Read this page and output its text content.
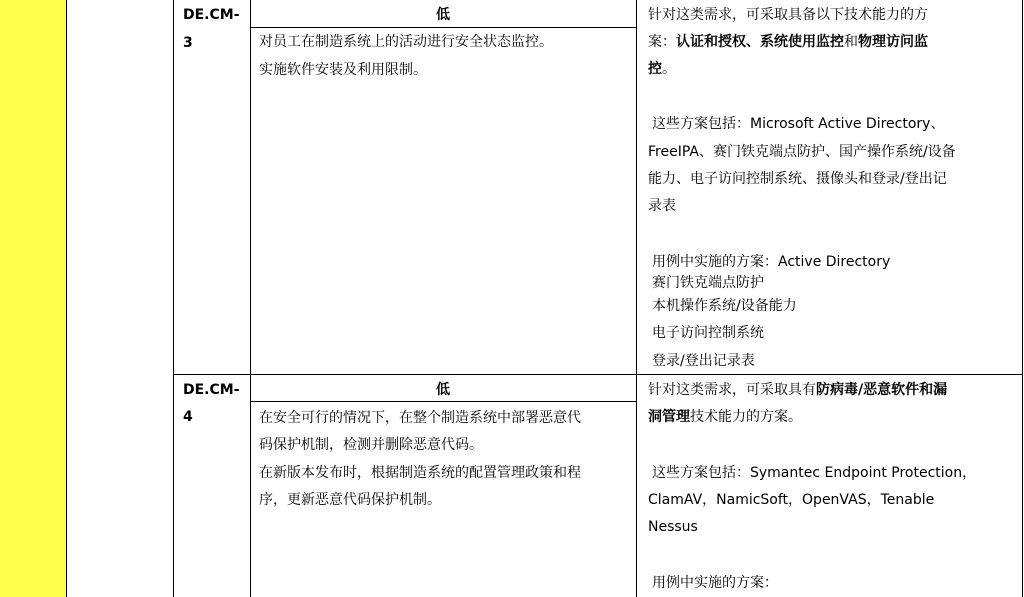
DE.CM-
3
低
对员工在制造系统上的活动进行安全状态监控。
实施软件安装及利用限制。
针对这类需求，可采取具备以下技术能力的方
案：认证和授权、系统使用监控和物理访问监
控。
这些方案包括：Microsoft Active Directory、
FreeIPA、赛门铁克端点防护、国产操作系统/设备
能力、电子访问控制系统、摄像头和登录/登出记
录表
用例中实施的方案：Active Directory
赛门铁克端点防护
本机操作系统/设备能力
电子访问控制系统
登录/登出记录表
DE.CM-
4
低
在安全可行的情况下，在整个制造系统中部署恶意代
码保护机制，检测并删除恶意代码。
在新版本发布时，根据制造系统的配置管理政策和程
序，更新恶意代码保护机制。
针对这类需求，可采取具有防病毒/恶意软件和漏
洞管理技术能力的方案。
这些方案包括：Symantec Endpoint Protection，
ClamAV，NamicSoft，OpenVAS，Tenable
Nessus
用例中实施的方案：
